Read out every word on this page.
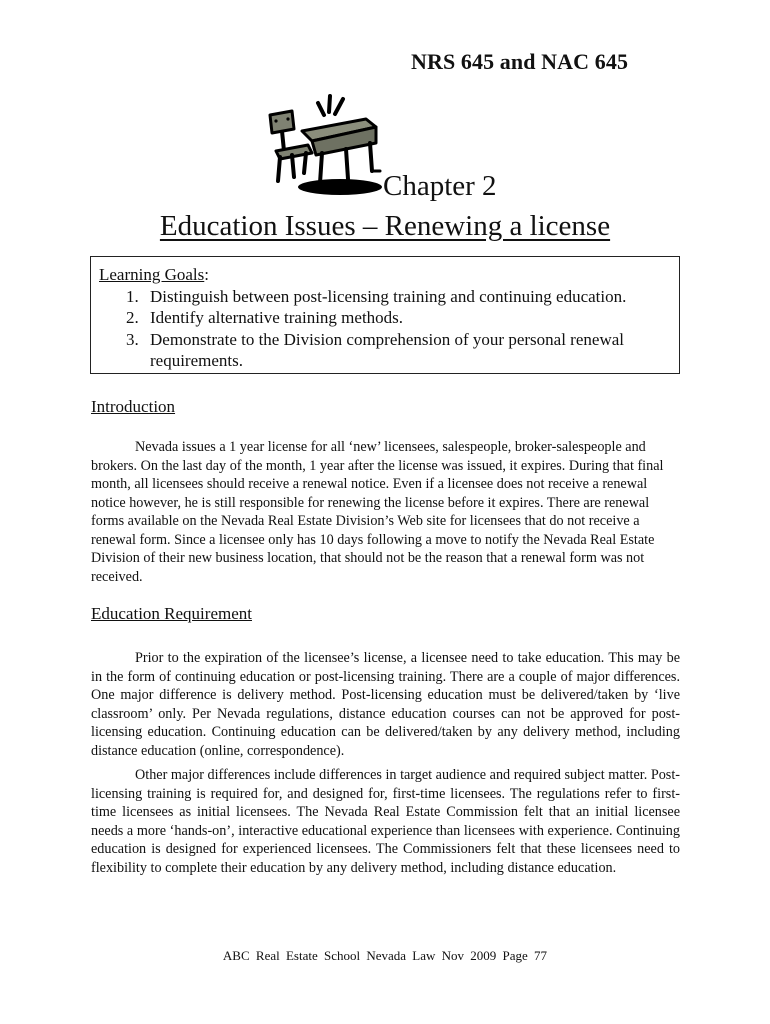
NRS 645 and NAC 645
Chapter 2
Education Issues – Renewing a license
Learning Goals:
1. Distinguish between post-licensing training and continuing education.
2. Identify alternative training methods.
3. Demonstrate to the Division comprehension of your personal renewal requirements.
Introduction

Nevada issues a 1 year license for all ‘new’ licensees, salespeople, broker-salespeople and brokers. On the last day of the month, 1 year after the license was issued, it expires. During that final month, all licensees should receive a renewal notice. Even if a licensee does not receive a renewal notice however, he is still responsible for renewing the license before it expires. There are renewal forms available on the Nevada Real Estate Division’s Web site for licensees that do not receive a renewal form. Since a licensee only has 10 days following a move to notify the Nevada Real Estate Division of their new business location, that should not be the reason that a renewal form was not received.

Education Requirement

Prior to the expiration of the licensee’s license, a licensee need to take education. This may be in the form of continuing education or post-licensing training. There are a couple of major differences. One major difference is delivery method. Post-licensing education must be delivered/taken by ‘live classroom’ only. Per Nevada regulations, distance education courses can not be approved for post-licensing education. Continuing education can be delivered/taken by any delivery method, including distance education (online, correspondence).

Other major differences include differences in target audience and required subject matter. Post-licensing training is required for, and designed for, first-time licensees. The regulations refer to first-time licensees as initial licensees. The Nevada Real Estate Commission felt that an initial licensee needs a more ‘hands-on’, interactive educational experience than licensees with experience. Continuing education is designed for experienced licensees. The Commissioners felt that these licensees need to flexibility to complete their education by any delivery method, including distance education.

ABC Real Estate School Nevada Law Nov 2009 Page 77
